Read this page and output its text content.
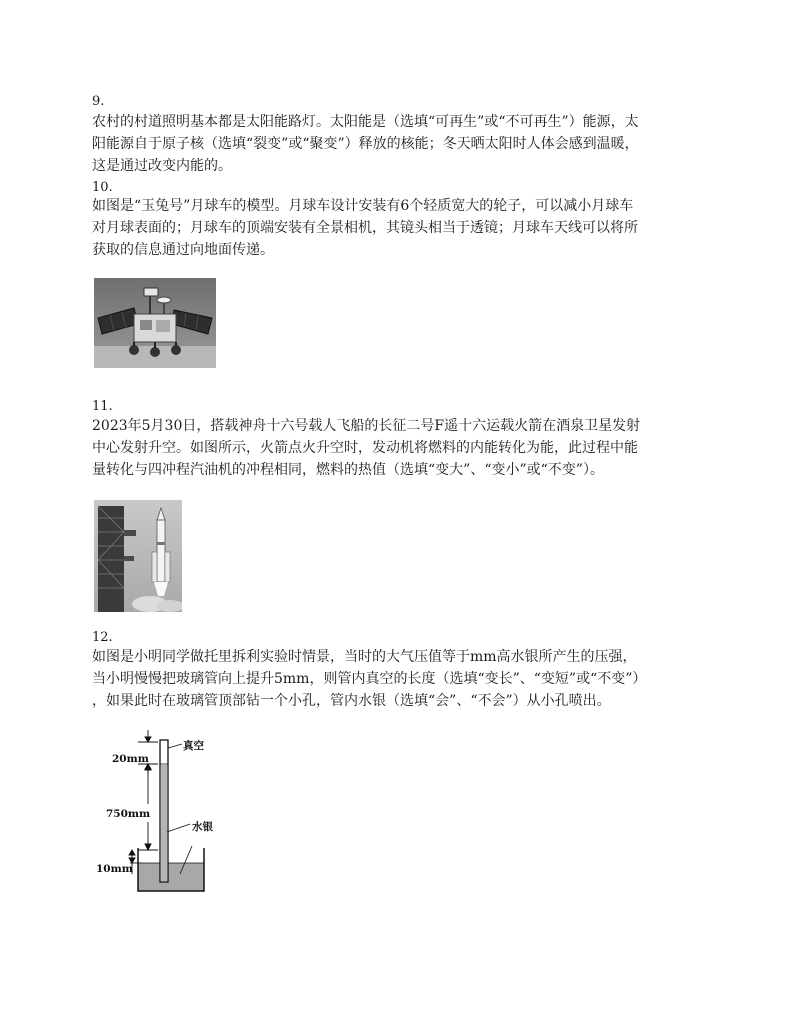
9.
农村的村道照明基本都是太阳能路灯。太阳能是（选填“可再生”或“不可再生”）能源，太
阳能源自于原子核（选填“裂变”或“聚变”）释放的核能；冬天晒太阳时人体会感到温暖，
这是通过改变内能的。
10.
如图是“玉兔号”月球车的模型。月球车设计安装有6个轻质宽大的轮子，可以减小月球车
对月球表面的；月球车的顶端安装有全景相机，其镜头相当于透镜；月球车天线可以将所
获取的信息通过向地面传递。
11.
2023年5月30日，搭载神舟十六号载人飞船的长征二号F遥十六运载火箭在酒泉卫星发射
中心发射升空。如图所示，火箭点火升空时，发动机将燃料的内能转化为能，此过程中能
量转化与四冲程汽油机的冲程相同，燃料的热值（选填“变大”、“变小”或“不变”）。
12.
如图是小明同学做托里拆利实验时情景，当时的大气压值等于mm高水银所产生的压强，
当小明慢慢把玻璃管向上提升5mm，则管内真空的长度（选填“变长”、“变短”或“不变”）
，如果此时在玻璃管顶部钻一个小孔，管内水银（选填“会”、“不会”）从小孔喷出。
真空
水银
20mm
750mm
10mm
